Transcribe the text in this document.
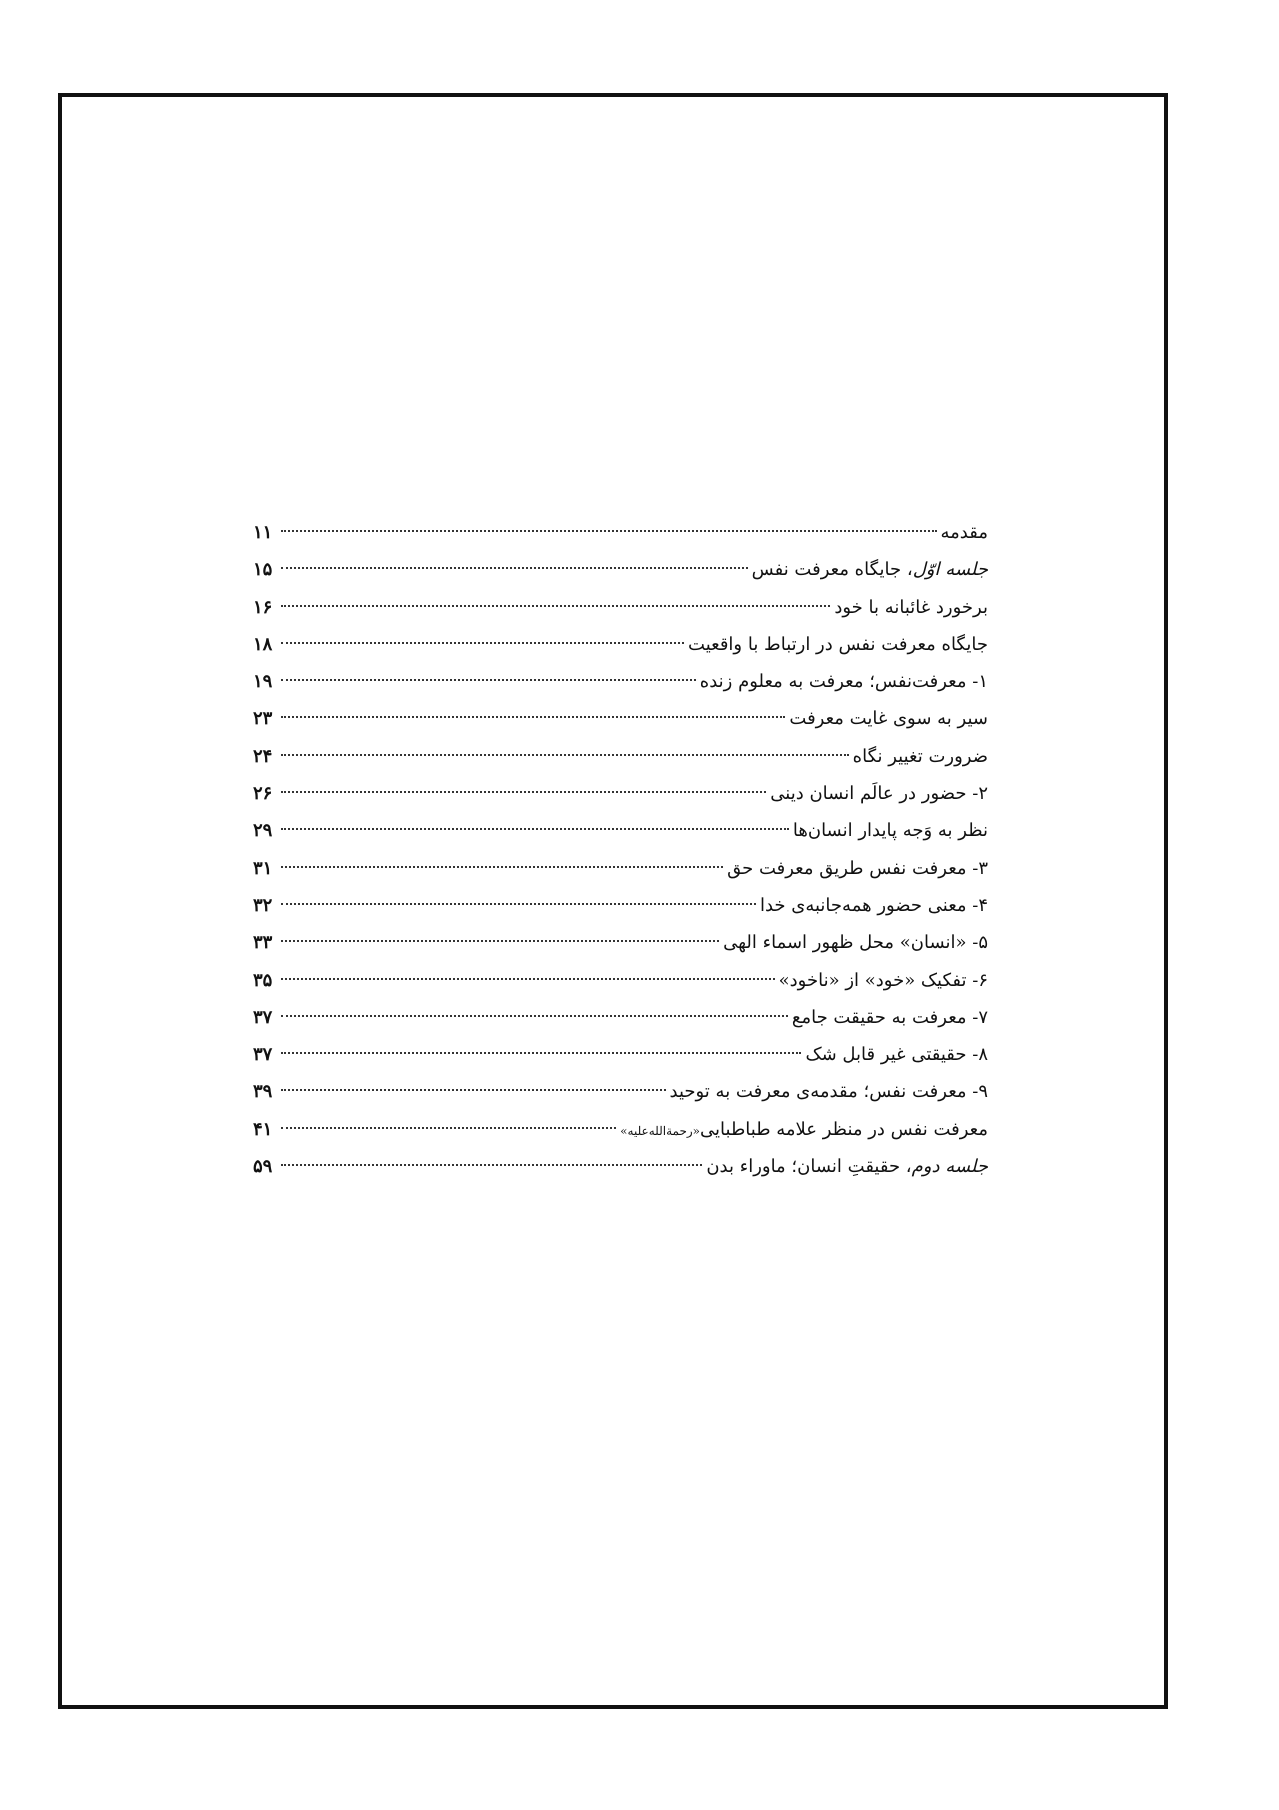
مقدمه
۱۱
جلسه اوّل، جایگاه معرفت نفس
۱۵
برخورد غائبانه با خود
۱۶
جایگاه معرفت نفس در ارتباط با واقعیت
۱۸
۱- معرفت‌نفس؛ معرفت به معلوم زنده
۱۹
سیر به سوی غایت معرفت
۲۳
ضرورت تغییر نگاه
۲۴
۲- حضور در عالَم انسان دینی
۲۶
نظر به وَجه پایدار انسان‌ها
۲۹
۳- معرفت نفس طریق معرفت حق
۳۱
۴- معنی حضور همه‌جانبه‌ی خدا
۳۲
۵- «انسان» محل ظهور اسماء الهی
۳۳
۶- تفکیک «خود» از «ناخود»
۳۵
۷- معرفت به حقیقت جامع
۳۷
۸- حقیقتی غیر قابل شک
۳۷
۹- معرفت نفس؛ مقدمه‌ی معرفت به توحید
۳۹
معرفت نفس در منظر علامه طباطبایی«رحمةالله‌علیه»
۴۱
جلسه دوم، حقیقتِ انسان؛ ماوراء بدن
۵۹
